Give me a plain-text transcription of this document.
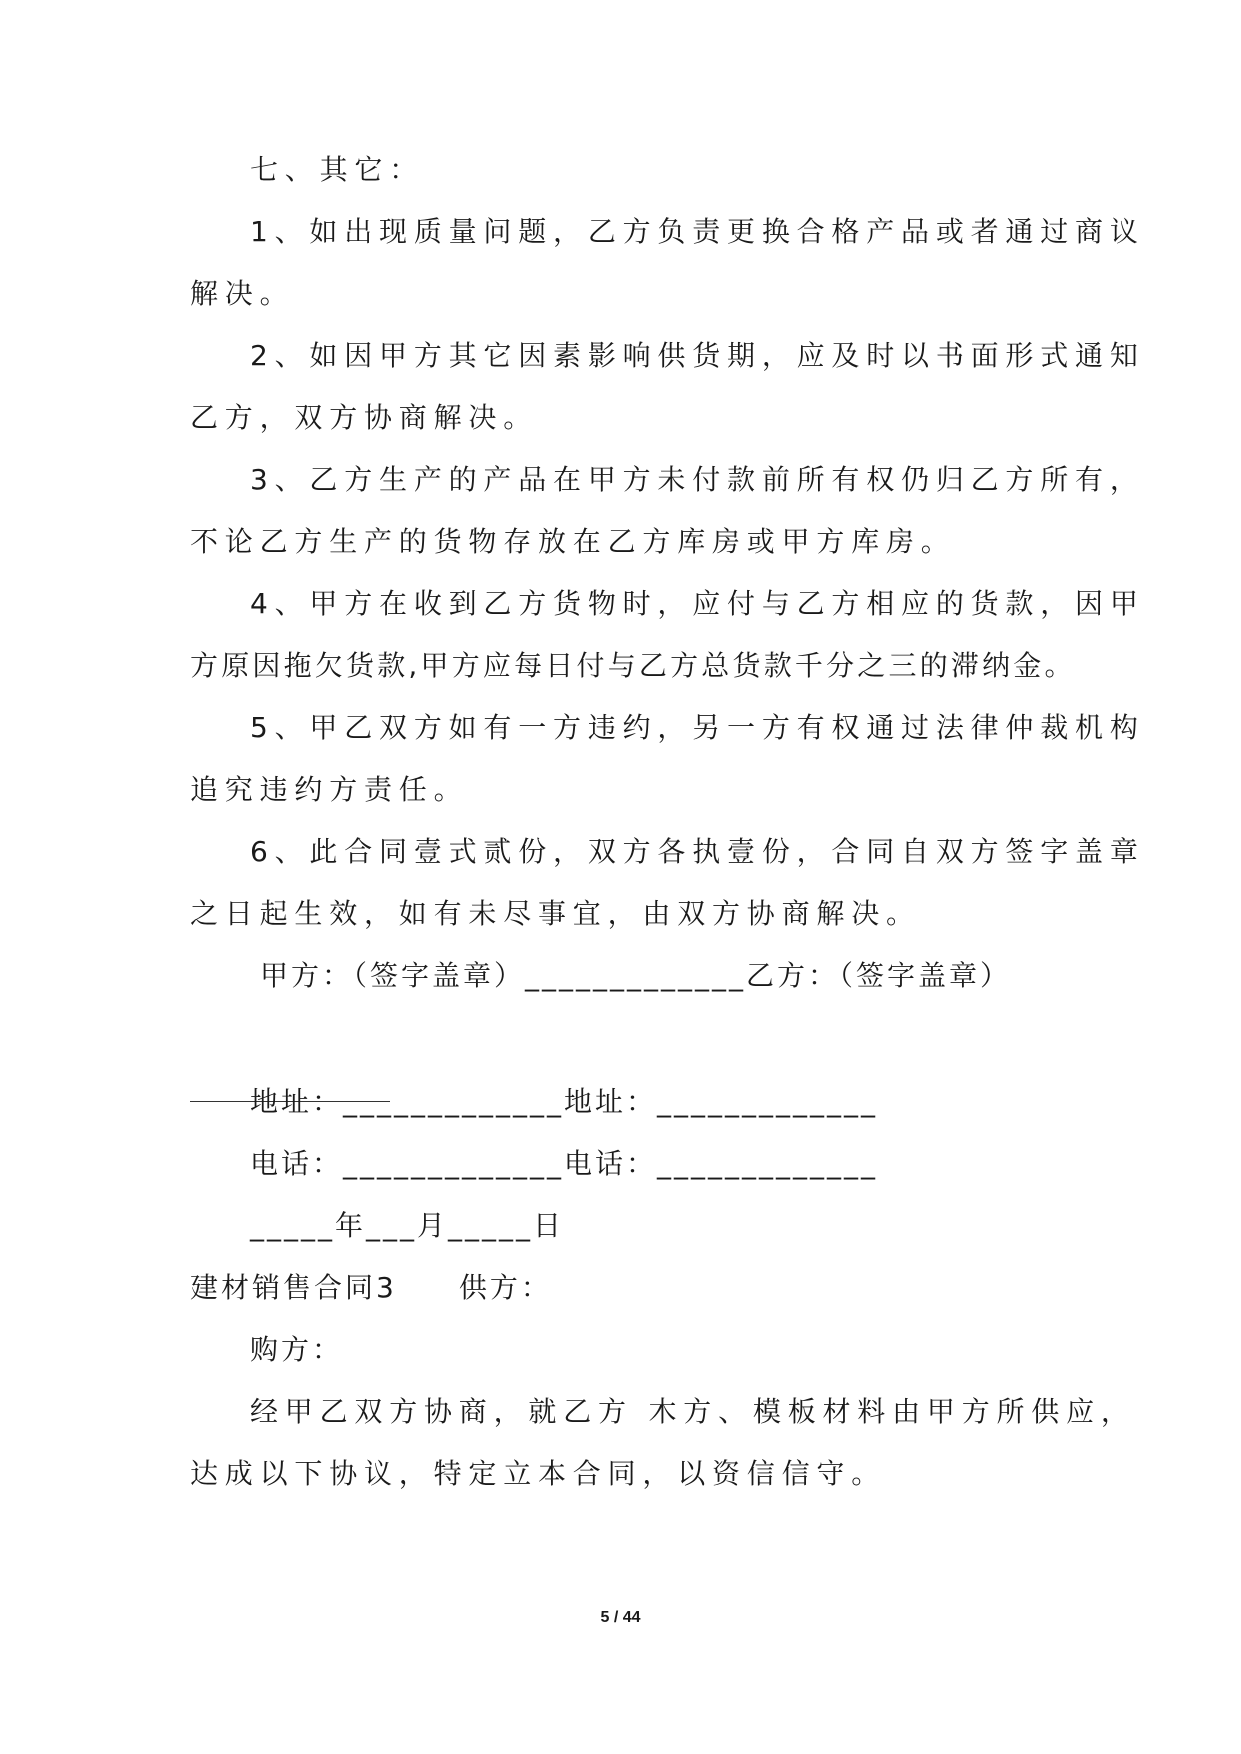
七、其它：
1、如出现质量问题，乙方负责更换合格产品或者通过商议
解决。
2、如因甲方其它因素影响供货期，应及时以书面形式通知
乙方，双方协商解决。
3、乙方生产的产品在甲方未付款前所有权仍归乙方所有，
不论乙方生产的货物存放在乙方库房或甲方库房。
4、甲方在收到乙方货物时，应付与乙方相应的货款，因甲
方原因拖欠货款,甲方应每日付与乙方总货款千分之三的滞纳金。
5、甲乙双方如有一方违约，另一方有权通过法律仲裁机构
追究违约方责任。
6、此合同壹式贰份，双方各执壹份，合同自双方签字盖章
之日起生效，如有未尽事宜，由双方协商解决。
甲方：（签字盖章）_____________乙方：（签字盖章）
地址：_____________地址：_____________
电话：_____________电话：_____________
_____年___月_____日
建材销售合同3　　供方：
购方：
经甲乙双方协商，就乙方 木方、模板材料由甲方所供应，
达成以下协议，特定立本合同，以资信信守。
5 / 44
